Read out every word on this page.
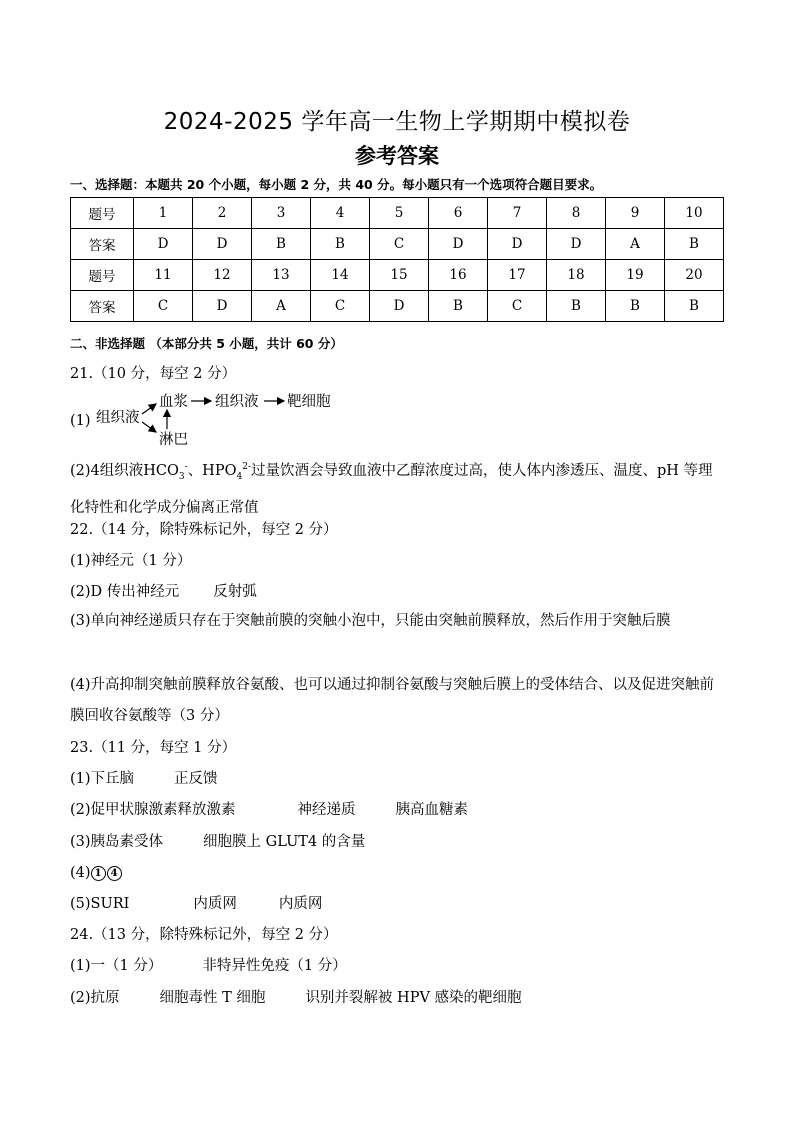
2024-2025 学年高一生物上学期期中模拟卷
参考答案
一、选择题：本题共 20 个小题，每小题 2 分，共 40 分。每小题只有一个选项符合题目要求。
题号	1	2	3	4	5	6	7	8	9	10
答案	D	D	B	B	C	D	D	D	A	B
题号	11	12	13	14	15	16	17	18	19	20
答案	C	D	A	C	D	B	C	B	B	B
二、非选择题 （本部分共 5 小题，共计 60 分）
21.（10 分，每空 2 分）
(1) 组织液
血浆 组织液 靶细胞
淋巴
(2)4组织液$HCO_3^-$、$HPO_4^{2-}$过量饮酒会导致血液中乙醇浓度过高，使人体内渗透压、温度、pH 等理化特性和化学成分偏离正常值
22.（14 分，除特殊标记外，每空 2 分）
(1)神经元（1 分）
(2)D 传出神经元 反射弧
(3)单向神经递质只存在于突触前膜的突触小泡中，只能由突触前膜释放，然后作用于突触后膜
(4)升高抑制突触前膜释放谷氨酸、也可以通过抑制谷氨酸与突触后膜上的受体结合、以及促进突触前膜回收谷氨酸等（3 分）
23.（11 分，每空 1 分）
(1)下丘脑	正反馈
(2)促甲状腺激素释放激素	神经递质	胰高血糖素
(3)胰岛素受体	细胞膜上 GLUT4 的含量
(4) 1 4
(5)SURI	内质网	内质网
24.（13 分，除特殊标记外，每空 2 分）
(1)一（1 分）	非特异性免疫（1 分）
(2)抗原	细胞毒性 T 细胞	识别并裂解被 HPV 感染的靶细胞
